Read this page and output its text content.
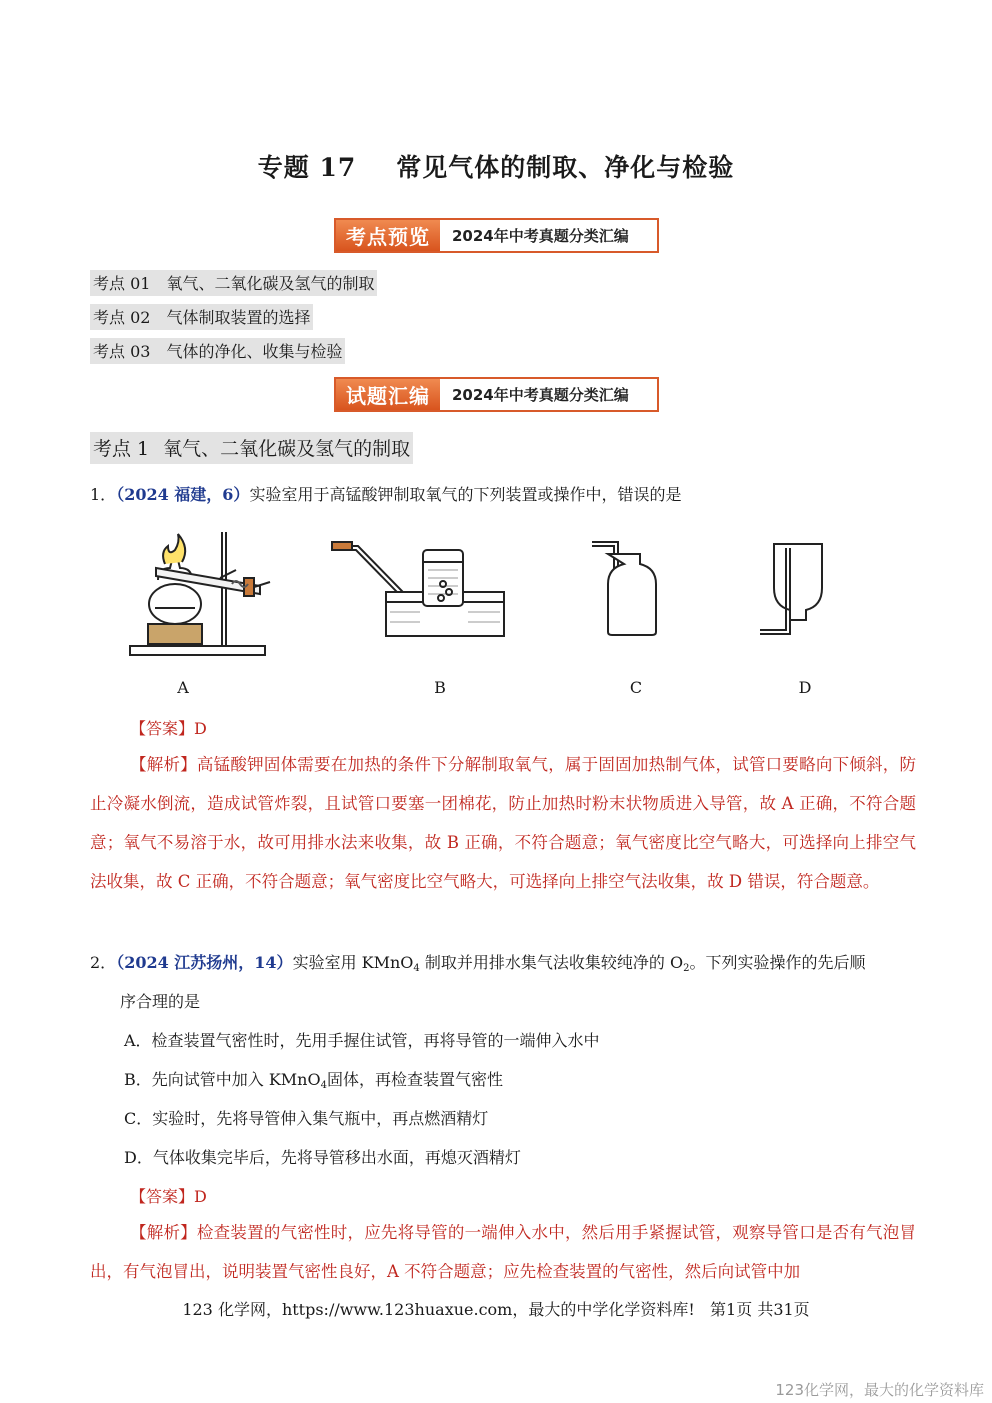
专题 17 常见气体的制取、净化与检验
考点预览	2024年中考真题分类汇编
考点 01 氧气、二氧化碳及氢气的制取
考点 02 气体制取装置的选择
考点 03 气体的净化、收集与检验
试题汇编	2024年中考真题分类汇编
考点 1 氧气、二氧化碳及氢气的制取
1．（2024 福建，6）实验室用于高锰酸钾制取氧气的下列装置或操作中，错误的是
A	B	C	D
【答案】D
【解析】高锰酸钾固体需要在加热的条件下分解制取氧气，属于固固加热制气体，试管口要略向下倾斜，防止冷凝水倒流，造成试管炸裂，且试管口要塞一团棉花，防止加热时粉末状物质进入导管，故 A 正确，不符合题意；氧气不易溶于水，故可用排水法来收集，故 B 正确，不符合题意；氧气密度比空气略大，可选择向上排空气法收集，故 C 正确，不符合题意；氧气密度比空气略大，可选择向上排空气法收集，故 D 错误，符合题意。
2．（2024 江苏扬州，14）实验室用 KMnO$_4$ 制取并用排水集气法收集较纯净的 $O_2$。下列实验操作的先后顺
序合理的是
A．检查装置气密性时，先用手握住试管，再将导管的一端伸入水中
B．先向试管中加入 KMnO$_4$固体，再检查装置气密性
C．实验时，先将导管伸入集气瓶中，再点燃酒精灯
D．气体收集完毕后，先将导管移出水面，再熄灭酒精灯
【答案】D
【解析】检查装置的气密性时，应先将导管的一端伸入水中，然后用手紧握试管，观察导管口是否有气泡冒出，有气泡冒出，说明装置气密性良好，A 不符合题意；应先检查装置的气密性，然后向试管中加
123 化学网，https://www.123huaxue.com，最大的中学化学资料库! 第1页 共31页
123化学网，最大的化学资料库
